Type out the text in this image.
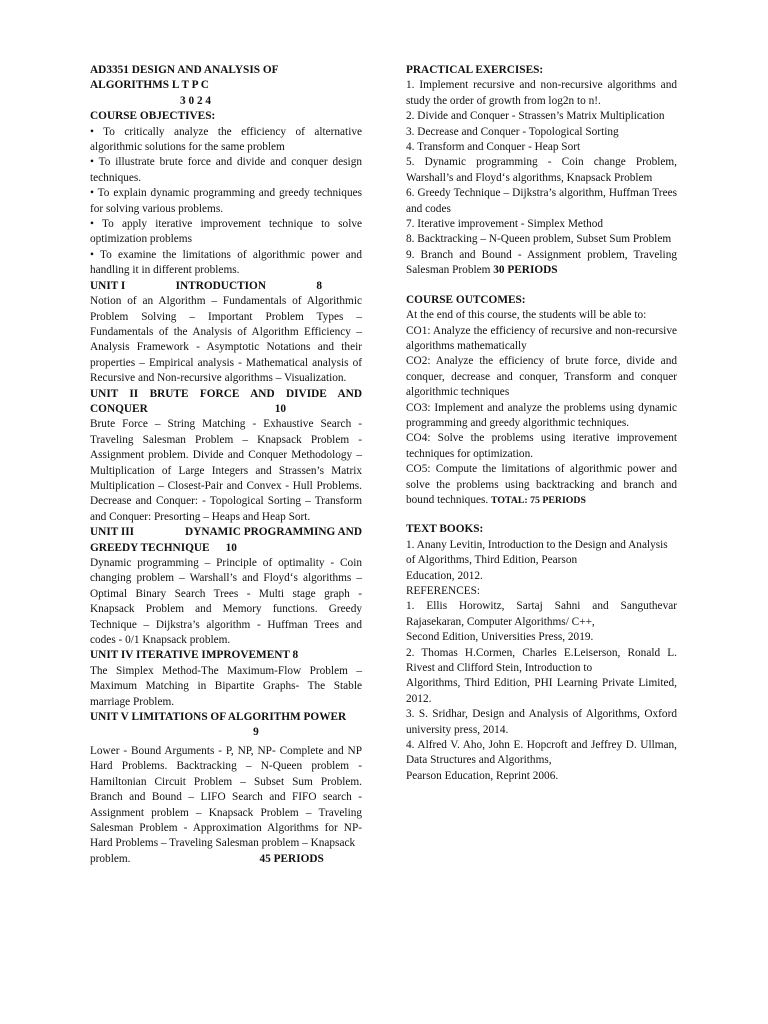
AD3351 DESIGN AND ANALYSIS OF
ALGORITHMS L T P C
3 0 2 4
COURSE OBJECTIVES:

• To critically analyze the efficiency of alternative algorithmic solutions for the same problem

• To illustrate brute force and divide and conquer design techniques.

• To explain dynamic programming and greedy techniques for solving various problems.

• To apply iterative improvement technique to solve optimization problems

• To examine the limitations of algorithmic power and handling it in different problems.

UNIT I	INTRODUCTION	8

Notion of an Algorithm – Fundamentals of Algorithmic Problem Solving – Important Problem Types – Fundamentals of the Analysis of Algorithm Efficiency – Analysis Framework - Asymptotic Notations and their properties – Empirical analysis - Mathematical analysis of Recursive and Non-recursive algorithms – Visualization.

UNIT II BRUTE FORCE AND DIVIDE AND
CONQUER	10

Brute Force – String Matching - Exhaustive Search - Traveling Salesman Problem – Knapsack Problem - Assignment problem. Divide and Conquer Methodology – Multiplication of Large Integers and Strassen’s Matrix Multiplication – Closest-Pair and Convex - Hull Problems. Decrease and Conquer: - Topological Sorting – Transform and Conquer: Presorting – Heaps and Heap Sort.

UNIT III	DYNAMIC PROGRAMMING AND
GREEDY TECHNIQUE 10

Dynamic programming – Principle of optimality - Coin changing problem – Warshall’s and Floyd‘s algorithms – Optimal Binary Search Trees - Multi stage graph - Knapsack Problem and Memory functions. Greedy Technique – Dijkstra’s algorithm - Huffman Trees and codes - 0/1 Knapsack problem.

UNIT IV ITERATIVE IMPROVEMENT 8

The Simplex Method-The Maximum-Flow Problem – Maximum Matching in Bipartite Graphs- The Stable marriage Problem.

UNIT V LIMITATIONS OF ALGORITHM POWER
9

Lower - Bound Arguments - P, NP, NP- Complete and NP Hard Problems. Backtracking – N-Queen problem - Hamiltonian Circuit Problem – Subset Sum Problem. Branch and Bound – LIFO Search and FIFO search - Assignment problem – Knapsack Problem – Traveling Salesman Problem - Approximation Algorithms for NP-Hard Problems – Traveling Salesman problem – Knapsack

problem.	45 PERIODS
PRACTICAL EXERCISES:

1. Implement recursive and non-recursive algorithms and study the order of growth from log2n to n!.

2. Divide and Conquer - Strassen’s Matrix Multiplication

3. Decrease and Conquer - Topological Sorting

4. Transform and Conquer - Heap Sort

5. Dynamic programming - Coin change Problem, Warshall’s and Floyd‘s algorithms, Knapsack Problem

6. Greedy Technique – Dijkstra’s algorithm, Huffman Trees and codes

7. Iterative improvement - Simplex Method

8. Backtracking – N-Queen problem, Subset Sum Problem

9. Branch and Bound - Assignment problem, Traveling Salesman Problem 30 PERIODS

COURSE OUTCOMES:

At the end of this course, the students will be able to:

CO1: Analyze the efficiency of recursive and non-recursive algorithms mathematically

CO2: Analyze the efficiency of brute force, divide and conquer, decrease and conquer, Transform and conquer algorithmic techniques

CO3: Implement and analyze the problems using dynamic programming and greedy algorithmic techniques.

CO4: Solve the problems using iterative improvement techniques for optimization.

CO5: Compute the limitations of algorithmic power and solve the problems using backtracking and branch and bound techniques. TOTAL: 75 PERIODS

TEXT BOOKS:
1. Anany Levitin, Introduction to the Design and Analysis
of Algorithms, Third Edition, Pearson
Education, 2012.
REFERENCES:

1. Ellis Horowitz, Sartaj Sahni and Sanguthevar Rajasekaran, Computer Algorithms/ C++,

Second Edition, Universities Press, 2019.

2. Thomas H.Cormen, Charles E.Leiserson, Ronald L. Rivest and Clifford Stein, Introduction to

Algorithms, Third Edition, PHI Learning Private Limited, 2012.

3. S. Sridhar, Design and Analysis of Algorithms, Oxford university press, 2014.

4. Alfred V. Aho, John E. Hopcroft and Jeffrey D. Ullman, Data Structures and Algorithms,

Pearson Education, Reprint 2006.
